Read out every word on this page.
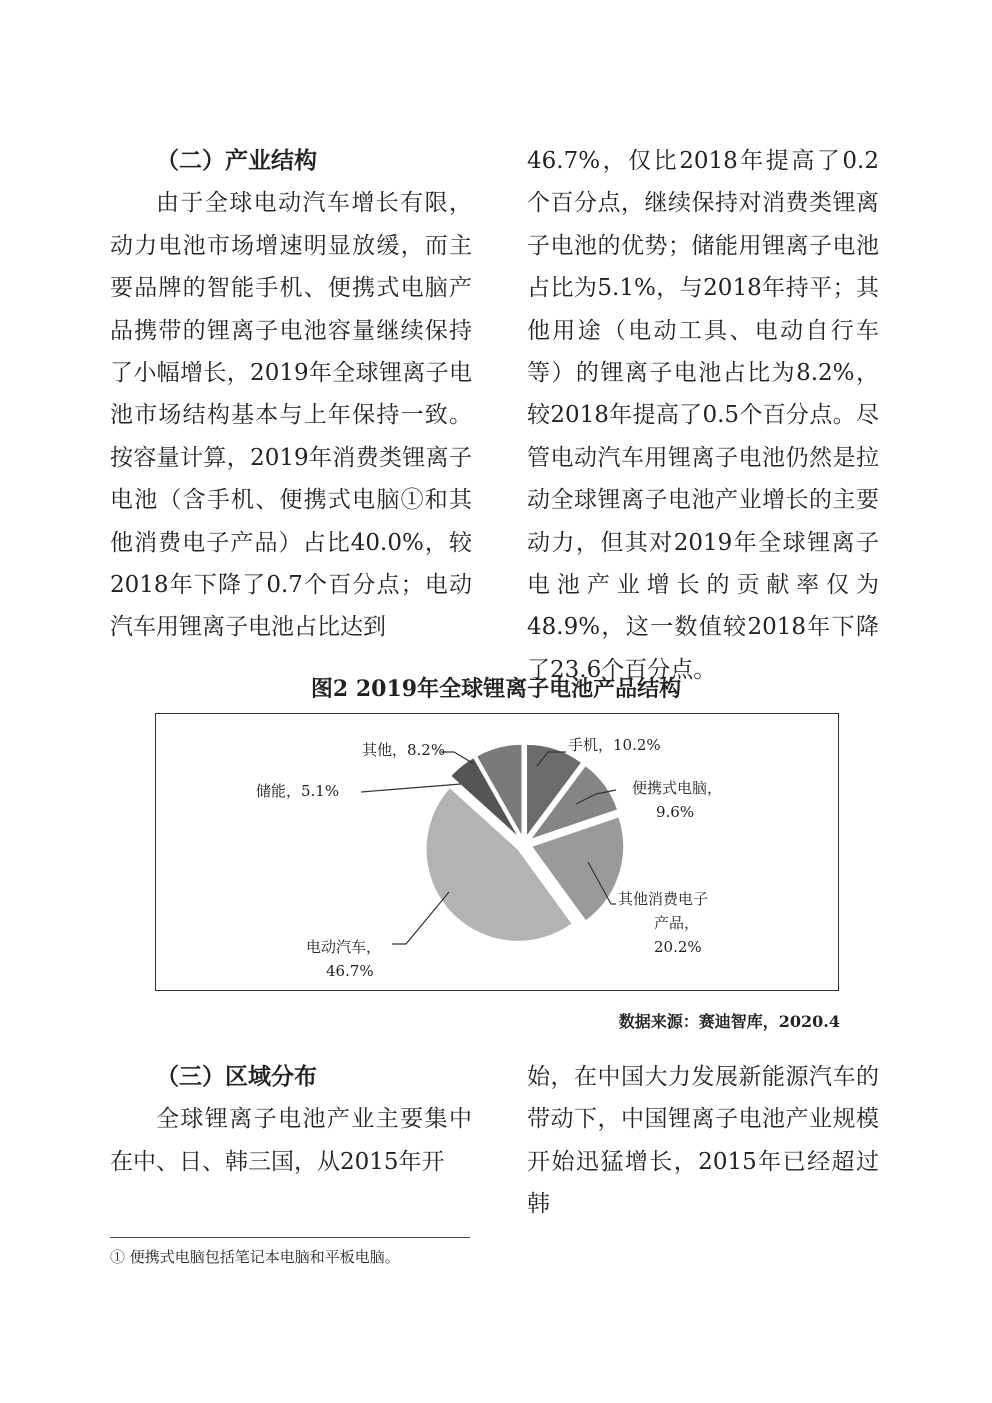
（二）产业结构

由于全球电动汽车增长有限，动力电池市场增速明显放缓，而主要品牌的智能手机、便携式电脑产品携带的锂离子电池容量继续保持了小幅增长，2019年全球锂离子电池市场结构基本与上年保持一致。按容量计算，2019年消费类锂离子电池（含手机、便携式电脑①和其他消费电子产品）占比40.0%，较2018年下降了0.7个百分点；电动汽车用锂离子电池占比达到

46.7%，仅比2018年提高了0.2个百分点，继续保持对消费类锂离子电池的优势；储能用锂离子电池占比为5.1%，与2018年持平；其他用途（电动工具、电动自行车等）的锂离子电池占比为8.2%，较2018年提高了0.5个百分点。尽管电动汽车用锂离子电池仍然是拉动全球锂离子电池产业增长的主要动力，但其对2019年全球锂离子电池产业增长的贡献率仅为48.9%，这一数值较2018年下降了23.6个百分点。

图2 2019年全球锂离子电池产品结构

手机，10.2%
便携式电脑，
9.6%
其他消费电子
产品，
20.2%
电动汽车，
46.7%
储能，5.1%
其他，8.2%

数据来源：赛迪智库，2020.4

（三）区域分布

全球锂离子电池产业主要集中在中、日、韩三国，从2015年开

始，在中国大力发展新能源汽车的带动下，中国锂离子电池产业规模开始迅猛增长，2015年已经超过韩

① 便携式电脑包括笔记本电脑和平板电脑。
